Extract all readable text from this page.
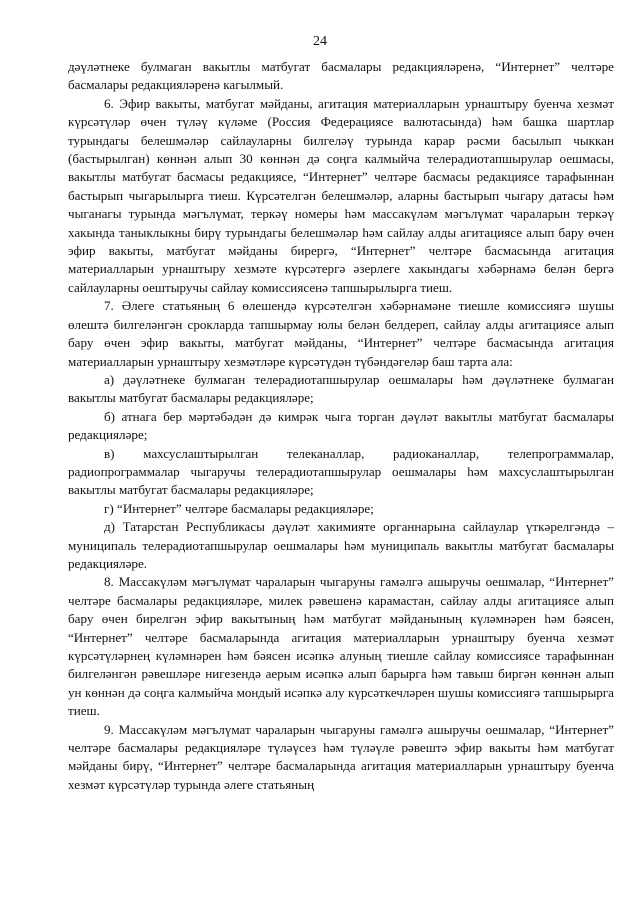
24

дәүләтнеке булмаган вакытлы матбугат басмалары редакцияләренә, “Интернет” челтәре басмалары редакцияләренә кагылмый.

6. Эфир вакыты, матбугат мәйданы, агитация материалларын урнаштыру буенча хезмәт күрсәтүләр өчен түләү күләме (Россия Федерациясе валютасында) һәм башка шартлар турындагы белешмәләр сайлауларны билгеләү турында карар рәсми басылып чыккан (бастырылган) көннән алып 30 көннән дә соңга калмыйча телерадиотапшырулар оешмасы, вакытлы матбугат басмасы редакциясе, “Интернет” челтәре басмасы редакциясе тарафыннан бастырып чыгарылырга тиеш. Күрсәтелгән белешмәләр, аларны бастырып чыгару датасы һәм чыганагы турында мәгълүмат, теркәү номеры һәм массакүләм мәгълүмат чараларын теркәү хакында таныклыкны бирү турындагы белешмәләр һәм сайлау алды агитациясе алып бару өчен эфир вакыты, матбугат мәйданы бирергә, “Интернет” челтәре басмасында агитация материалларын урнаштыру хезмәте күрсәтергә әзерлеге хакындагы хәбәрнамә белән бергә сайлауларны оештыручы сайлау комиссиясенә тапшырылырга тиеш.

7. Әлеге статьяның 6 өлешендә күрсәтелгән хәбәрнамәне тиешле комиссиягә шушы өлештә билгеләнгән срокларда тапшырмау юлы белән белдереп, сайлау алды агитациясе алып бару өчен эфир вакыты, матбугат мәйданы, “Интернет” челтәре басмасында агитация материалларын урнаштыру хезмәтләре күрсәтүдән түбәндәгеләр баш тарта ала:

а) дәүләтнеке булмаган телерадиотапшырулар оешмалары һәм дәүләтнеке булмаган вакытлы матбугат басмалары редакцияләре;

б) атнага бер мәртәбәдән дә кимрәк чыга торган дәүләт вакытлы матбугат басмалары редакцияләре;

в) махсуслаштырылган телеканаллар, радиоканаллар, телепрограммалар, радиопрограммалар чыгаручы телерадиотапшырулар оешмалары һәм махсуслаштырылган вакытлы матбугат басмалары редакцияләре;

г) “Интернет” челтәре басмалары редакцияләре;

д) Татарстан Республикасы дәүләт хакимияте органнарына сайлаулар үткәрелгәндә – муниципаль телерадиотапшырулар оешмалары һәм муниципаль вакытлы матбугат басмалары редакцияләре.

8. Массакүләм мәгълүмат чараларын чыгаруны гамәлгә ашыручы оешмалар, “Интернет” челтәре басмалары редакцияләре, милек рәвешенә карамастан, сайлау алды агитациясе алып бару өчен бирелгән эфир вакытының һәм матбугат мәйданының күләмнәрен һәм бәясен, “Интернет” челтәре басмаларында агитация материалларын урнаштыру буенча хезмәт күрсәтүләрнең күләмнәрен һәм бәясен исәпкә алуның тиешле сайлау комиссиясе тарафыннан билгеләнгән рәвешләре нигезендә аерым исәпкә алып барырга һәм тавыш биргән көннән алып ун көннән дә соңга калмыйча мондый исәпкә алу күрсәткечләрен шушы комиссиягә тапшырырга тиеш.

9. Массакүләм мәгълүмат чараларын чыгаруны гамәлгә ашыручы оешмалар, “Интернет” челтәре басмалары редакцияләре түләүсез һәм түләүле рәвештә эфир вакыты һәм матбугат мәйданы бирү, “Интернет” челтәре басмаларында агитация материалларын урнаштыру буенча хезмәт күрсәтүләр турында әлеге статьяның
